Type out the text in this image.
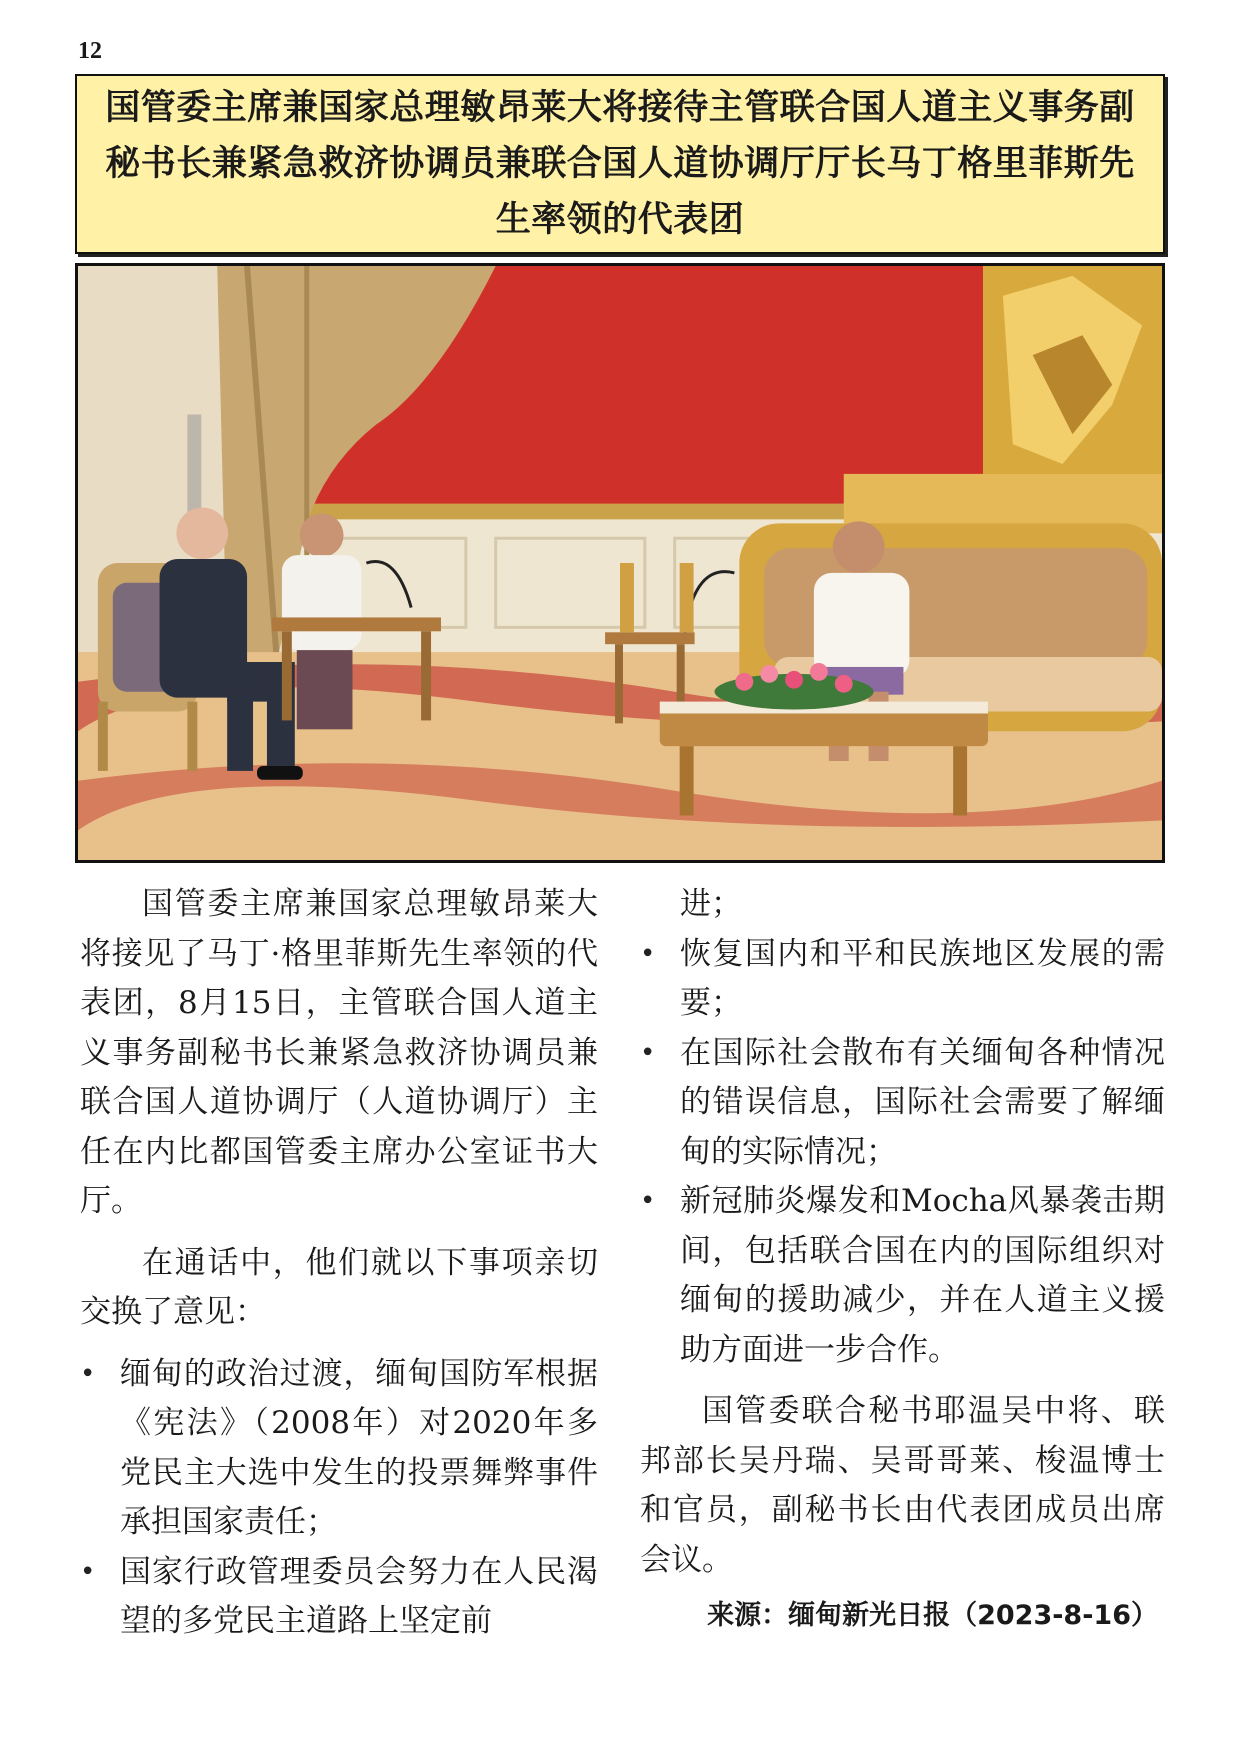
12
国管委主席兼国家总理敏昂莱大将接待主管联合国人道主义事务副秘书长兼紧急救济协调员兼联合国人道协调厅厅长马丁格里菲斯先生率领的代表团

国管委主席兼国家总理敏昂莱大将接见了马丁·格里菲斯先生率领的代表团，8月15日，主管联合国人道主义事务副秘书长兼紧急救济协调员兼联合国人道协调厅（人道协调厅）主任在内比都国管委主席办公室证书大厅。

在通话中，他们就以下事项亲切交换了意见：

• 缅甸的政治过渡，缅甸国防军根据《宪法》（2008年）对2020年多党民主大选中发生的投票舞弊事件承担国家责任；
• 国家行政管理委员会努力在人民渴望的多党民主道路上坚定前

进；

• 恢复国内和平和民族地区发展的需要；
• 在国际社会散布有关缅甸各种情况的错误信息，国际社会需要了解缅甸的实际情况；
• 新冠肺炎爆发和Mocha风暴袭击期间，包括联合国在内的国际组织对缅甸的援助减少，并在人道主义援助方面进一步合作。

国管委联合秘书耶温吴中将、联邦部长吴丹瑞、吴哥哥莱、梭温博士和官员，副秘书长由代表团成员出席会议。

来源：缅甸新光日报（2023-8-16）
